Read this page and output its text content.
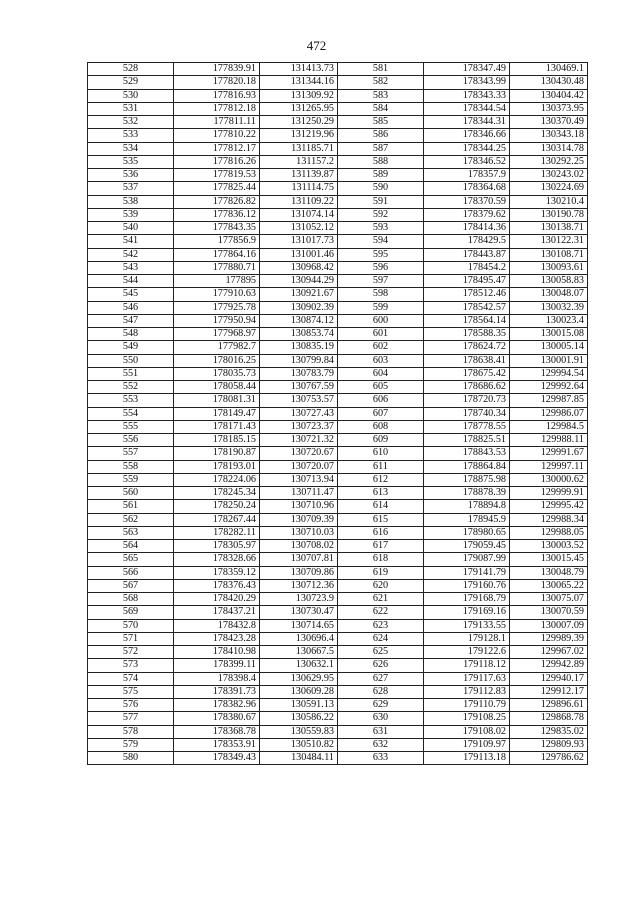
472
528	177839.91	131413.73	581	178347.49	130469.1
529	177820.18	131344.16	582	178343.99	130430.48
530	177816.93	131309.92	583	178343.33	130404.42
531	177812.18	131265.95	584	178344.54	130373.95
532	177811.11	131250.29	585	178344.31	130370.49
533	177810.22	131219.96	586	178346.66	130343.18
534	177812.17	131185.71	587	178344.25	130314.78
535	177816.26	131157.2	588	178346.52	130292.25
536	177819.53	131139.87	589	178357.9	130243.02
537	177825.44	131114.75	590	178364.68	130224.69
538	177826.82	131109.22	591	178370.59	130210.4
539	177836.12	131074.14	592	178379.62	130190.78
540	177843.35	131052.12	593	178414.36	130138.71
541	177856.9	131017.73	594	178429.5	130122.31
542	177864.16	131001.46	595	178443.87	130108.71
543	177880.71	130968.42	596	178454.2	130093.61
544	177895	130944.29	597	178495.47	130058.83
545	177910.63	130921.67	598	178512.46	130048.07
546	177925.78	130902.39	599	178542.57	130032.39
547	177950.94	130874.12	600	178564.14	130023.4
548	177968.97	130853.74	601	178588.35	130015.08
549	177982.7	130835.19	602	178624.72	130005.14
550	178016.25	130799.84	603	178638.41	130001.91
551	178035.73	130783.79	604	178675.42	129994.54
552	178058.44	130767.59	605	178686.62	129992.64
553	178081.31	130753.57	606	178720.73	129987.85
554	178149.47	130727.43	607	178740.34	129986.07
555	178171.43	130723.37	608	178778.55	129984.5
556	178185.15	130721.32	609	178825.51	129988.11
557	178190.87	130720.67	610	178843.53	129991.67
558	178193.01	130720.07	611	178864.84	129997.11
559	178224.06	130713.94	612	178875.98	130000.62
560	178245.34	130711.47	613	178878.39	129999.91
561	178250.24	130710.96	614	178894.8	129995.42
562	178267.44	130709.39	615	178945.9	129988.34
563	178282.11	130710.03	616	178980.65	129988.05
564	178305.97	130708.02	617	179059.45	130003.52
565	178328.66	130707.81	618	179087.99	130015.45
566	178359.12	130709.86	619	179141.79	130048.79
567	178376.43	130712.36	620	179160.76	130065.22
568	178420.29	130723.9	621	179168.79	130075.07
569	178437.21	130730.47	622	179169.16	130070.59
570	178432.8	130714.65	623	179133.55	130007.09
571	178423.28	130696.4	624	179128.1	129989.39
572	178410.98	130667.5	625	179122.6	129967.02
573	178399.11	130632.1	626	179118.12	129942.89
574	178398.4	130629.95	627	179117.63	129940.17
575	178391.73	130609.28	628	179112.83	129912.17
576	178382.96	130591.13	629	179110.79	129896.61
577	178380.67	130586.22	630	179108.25	129868.78
578	178368.78	130559.83	631	179108.02	129835.02
579	178353.91	130510.82	632	179109.97	129809.93
580	178349.43	130484.11	633	179113.18	129786.62
